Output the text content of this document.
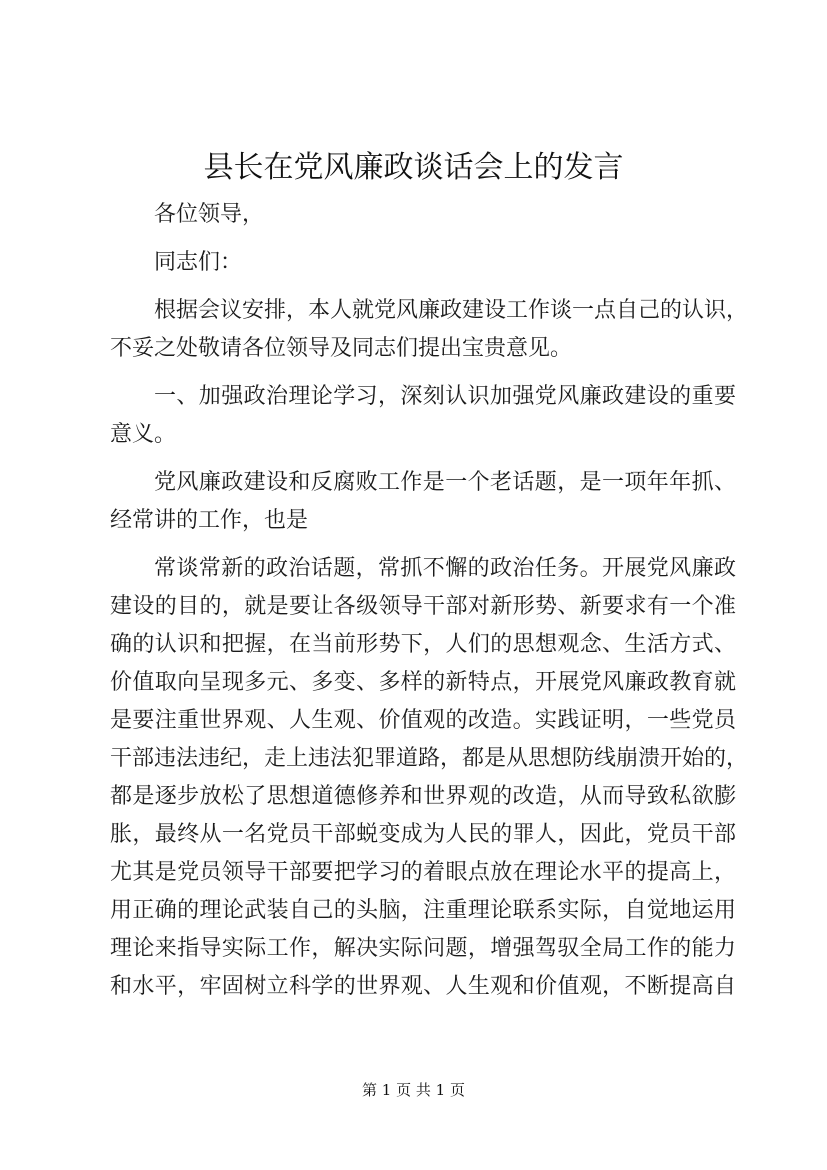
县长在党风廉政谈话会上的发言
各位领导，
同志们：
根据会议安排，本人就党风廉政建设工作谈一点自己的认识，
不妥之处敬请各位领导及同志们提出宝贵意见。
一、加强政治理论学习，深刻认识加强党风廉政建设的重要
意义。
党风廉政建设和反腐败工作是一个老话题，是一项年年抓、
经常讲的工作，也是
常谈常新的政治话题，常抓不懈的政治任务。开展党风廉政
建设的目的，就是要让各级领导干部对新形势、新要求有一个准
确的认识和把握，在当前形势下，人们的思想观念、生活方式、
价值取向呈现多元、多变、多样的新特点，开展党风廉政教育就
是要注重世界观、人生观、价值观的改造。实践证明，一些党员
干部违法违纪，走上违法犯罪道路，都是从思想防线崩溃开始的，
都是逐步放松了思想道德修养和世界观的改造，从而导致私欲膨
胀，最终从一名党员干部蜕变成为人民的罪人，因此，党员干部
尤其是党员领导干部要把学习的着眼点放在理论水平的提高上，
用正确的理论武装自己的头脑，注重理论联系实际，自觉地运用
理论来指导实际工作，解决实际问题，增强驾驭全局工作的能力
和水平，牢固树立科学的世界观、人生观和价值观，不断提高自
第 1 页 共 1 页
